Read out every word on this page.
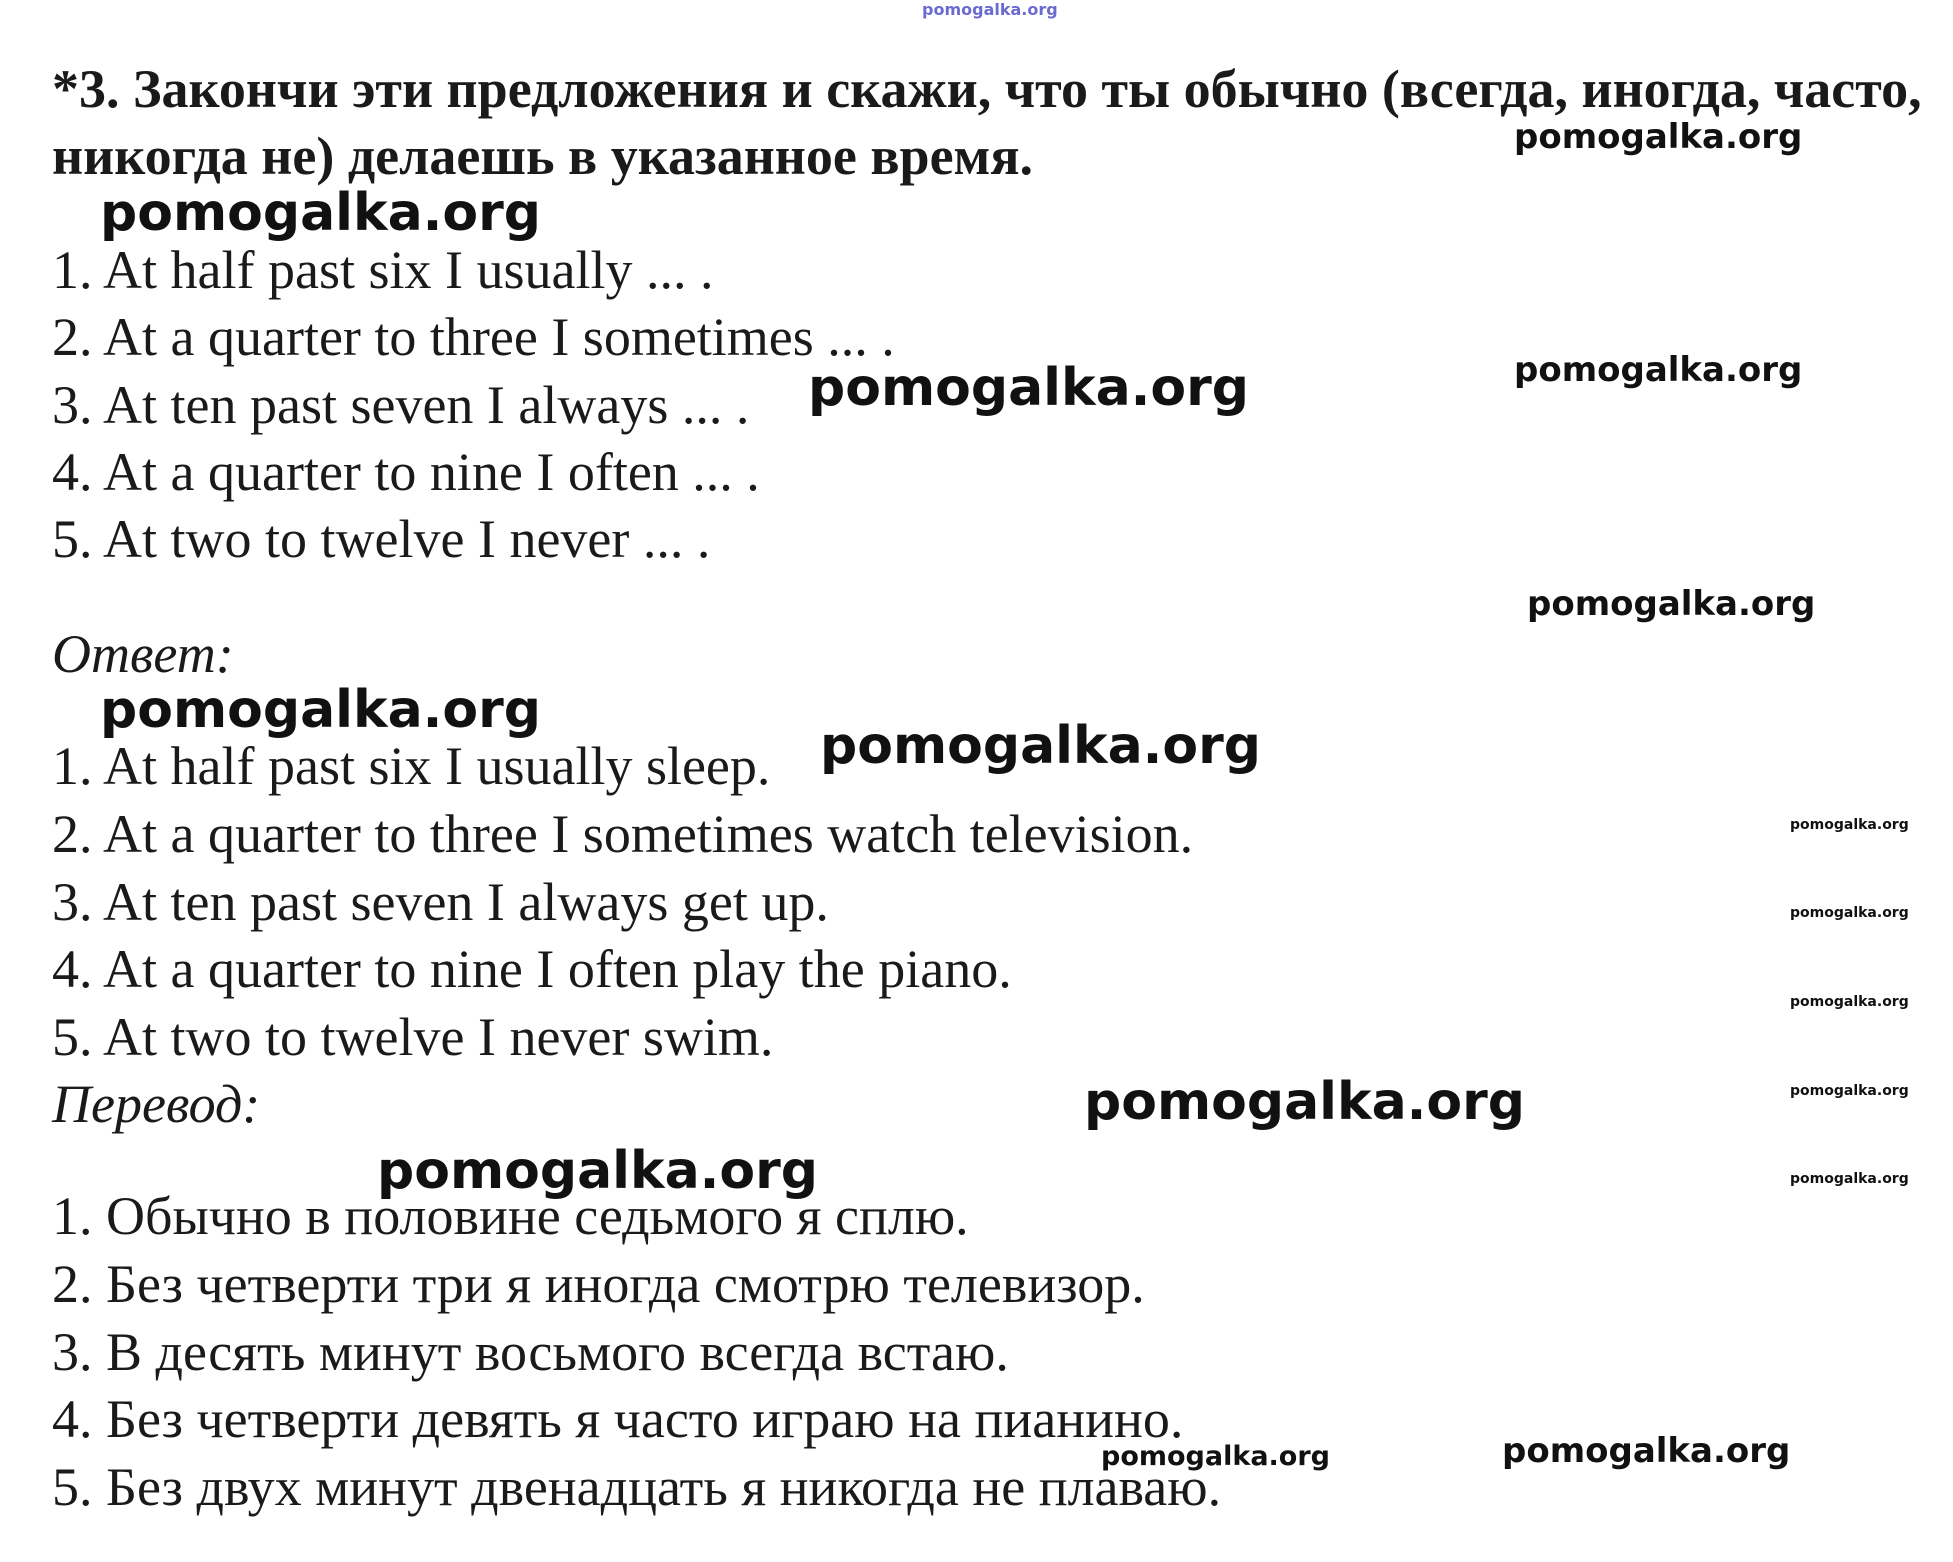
pomogalka.org
*3. Закончи эти предложения и скажи, что ты обычно (всегда, иногда, часто, никогда не) делаешь в указанное время.	pomogalka.org
pomogalka.org
1. At half past six I usually ... .
2. At a quarter to three I sometimes ... .
3. At ten past seven I always ... .
4. At a quarter to nine I often ... .
5. At two to twelve I never ... .
pomogalka.org
pomogalka.org
pomogalka.org
Ответ:
pomogalka.org
1. At half past six I usually sleep.
2. At a quarter to three I sometimes watch television.
3. At ten past seven I always get up.
4. At a quarter to nine I often play the piano.
5. At two to twelve I never swim.
pomogalka.org
pomogalka.org
pomogalka.org
pomogalka.org
pomogalka.org
pomogalka.org
Перевод:	pomogalka.org
pomogalka.org
1. Обычно в половине седьмого я сплю.
2. Без четверти три я иногда смотрю телевизор.
3. В десять минут восьмого всегда встаю.
4. Без четверти девять я часто играю на пианино.
5. Без двух минут двенадцать я никогда не плаваю.
pomogalka.org
pomogalka.org
